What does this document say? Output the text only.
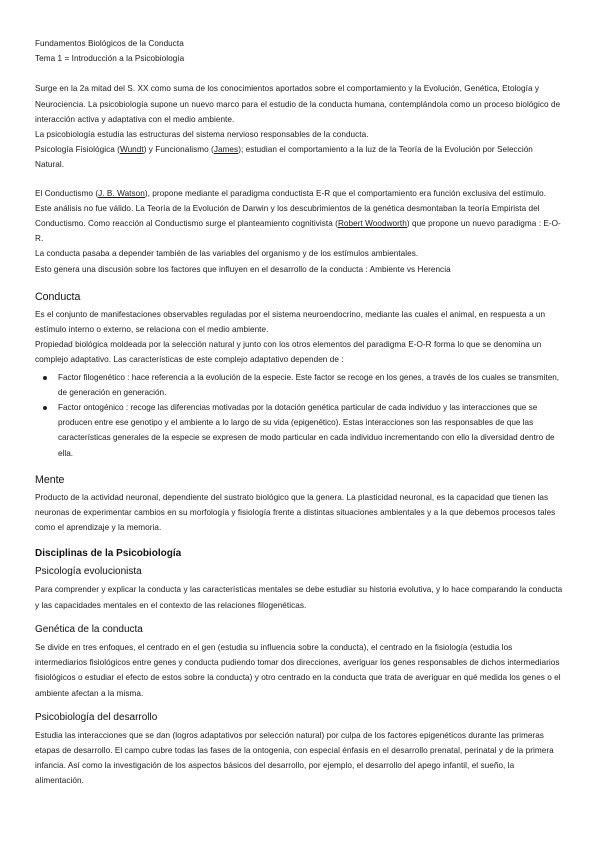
Fundamentos Biológicos de la Conducta

Tema 1 = Introducción a la Psicobiología

Surge en la 2a mitad del S. XX como suma de los conocimientos aportados sobre el comportamiento y la Evolución, Genética, Etología y Neurociencia. La psicobiología supone un nuevo marco para el estudio de la conducta humana, contemplándola como un proceso biológico de interacción activa y adaptativa con el medio ambiente.

La psicobiología estudia las estructuras del sistema nervioso responsables de la conducta.

Psicología Fisiológica (Wundt) y Funcionalismo (James); estudian el comportamiento a la luz de la Teoría de la Evolución por Selección Natural.

El Conductismo (J. B. Watson), propone mediante el paradigma conductista E-R que el comportamiento era función exclusiva del estímulo. Este análisis no fue válido. La Teoría de la Evolución de Darwin y los descubrimientos de la genética desmontaban la teoría Empirista del Conductismo. Como reacción al Conductismo surge el planteamiento cognitivista (Robert Woodworth) que propone un nuevo paradigma : E-O-R.

La conducta pasaba a depender también de las variables del organismo y de los estímulos ambientales.

Esto genera una discusión sobre los factores que influyen en el desarrollo de la conducta : Ambiente vs Herencia

Conducta

Es el conjunto de manifestaciones observables reguladas por el sistema neuroendocrino, mediante las cuales el animal, en respuesta a un estímulo interno o externo, se relaciona con el medio ambiente.

Propiedad biológica moldeada por la selección natural y junto con los otros elementos del paradigma E-O-R forma lo que se denomina un complejo adaptativo. Las características de este complejo adaptativo dependen de :

Factor filogenético : hace referencia a la evolución de la especie. Este factor se recoge en los genes, a través de los cuales se transmiten, de generación en generación.
Factor ontogénico : recoge las diferencias motivadas por la dotación genética particular de cada individuo y las interacciones que se producen entre ese genotipo y el ambiente a lo largo de su vida (epigenético). Estas interacciones son las responsables de que las características generales de la especie se expresen de modo particular en cada individuo incrementando con ello la diversidad dentro de ella.
Mente

Producto de la actividad neuronal, dependiente del sustrato biológico que la genera. La plasticidad neuronal, es la capacidad que tienen las neuronas de experimentar cambios en su morfología y fisiología frente a distintas situaciones ambientales y a la que debemos procesos tales como el aprendizaje y la memoria.

Disciplinas de la Psicobiología
Psicología evolucionista

Para comprender y explicar la conducta y las características mentales se debe estudiar su historia evolutiva, y lo hace comparando la conducta y las capacidades mentales en el contexto de las relaciones filogenéticas.

Genética de la conducta

Se divide en tres enfoques, el centrado en el gen (estudia su influencia sobre la conducta), el centrado en la fisiología (estudia los intermediarios fisiológicos entre genes y conducta pudiendo tomar dos direcciones, averiguar los genes responsables de dichos intermediarios fisiológicos o estudiar el efecto de estos sobre la conducta) y otro centrado en la conducta que trata de averiguar en qué medida los genes o el ambiente afectan a la misma.

Psicobiología del desarrollo

Estudia las interacciones que se dan (logros adaptativos por selección natural) por culpa de los factores epigenéticos durante las primeras etapas de desarrollo. El campo cubre todas las fases de la ontogenia, con especial énfasis en el desarrollo prenatal, perinatal y de la primera infancia. Así como la investigación de los aspectos básicos del desarrollo, por ejemplo, el desarrollo del apego infantil, el sueño, la alimentación.
